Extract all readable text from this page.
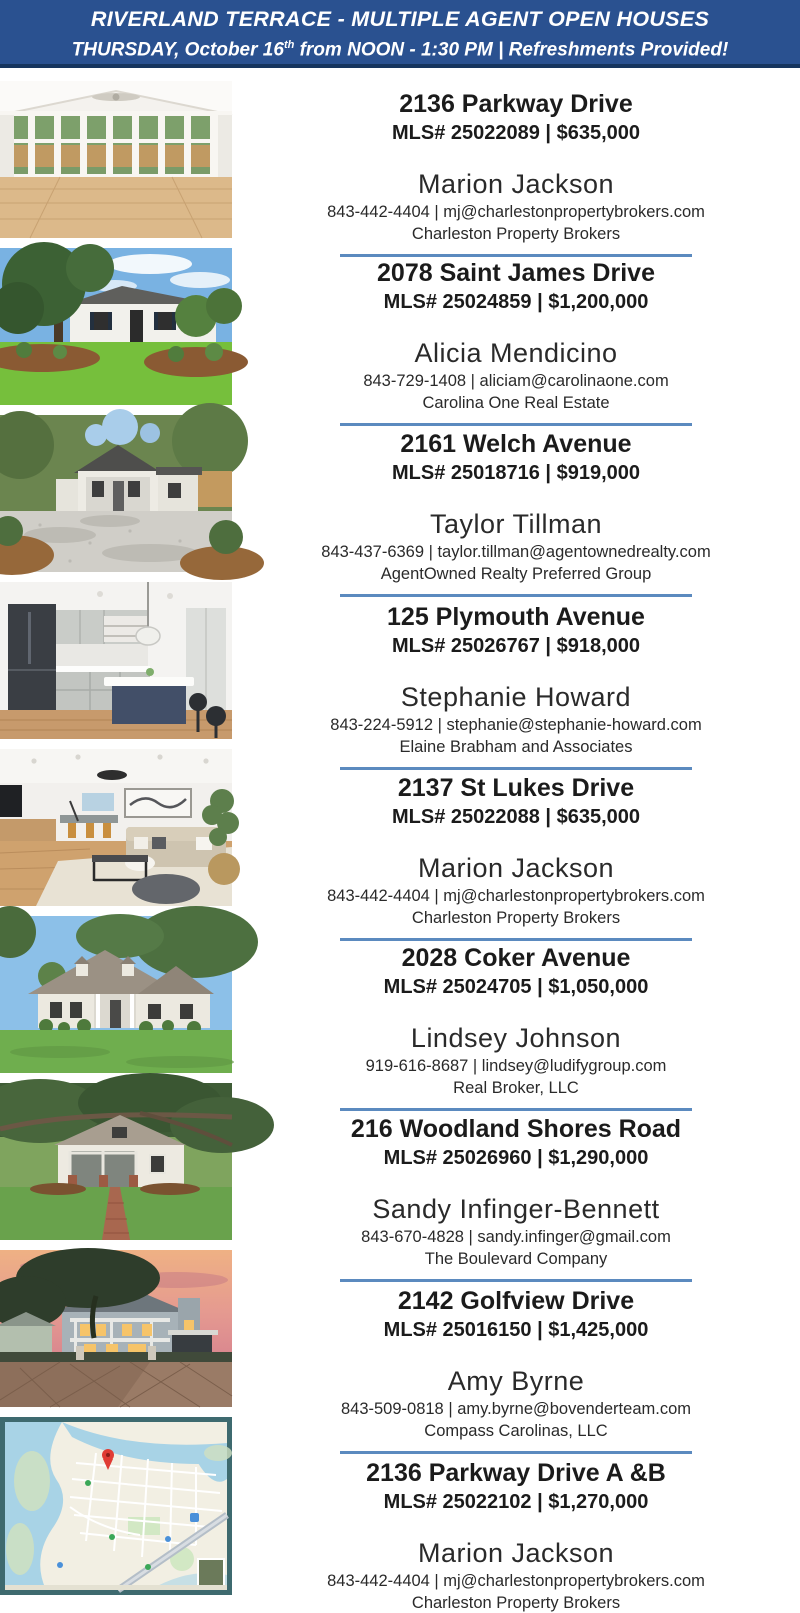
RIVERLAND TERRACE - MULTIPLE AGENT OPEN HOUSES
THURSDAY, October 16th from NOON - 1:30 PM | Refreshments Provided!
2136 Parkway Drive
MLS# 25022089 | $635,000
Marion Jackson
843-442-4404 | mj@charlestonpropertybrokers.com
Charleston Property Brokers
2078 Saint James Drive
MLS# 25024859 | $1,200,000
Alicia Mendicino
843-729-1408 | aliciam@carolinaone.com
Carolina One Real Estate
2161 Welch Avenue
MLS# 25018716 | $919,000
Taylor Tillman
843-437-6369 | taylor.tillman@agentownedrealty.com
AgentOwned Realty Preferred Group
125 Plymouth Avenue
MLS# 25026767 | $918,000
Stephanie Howard
843-224-5912 | stephanie@stephanie-howard.com
Elaine Brabham and Associates
2137 St Lukes Drive
MLS# 25022088 | $635,000
Marion Jackson
843-442-4404 | mj@charlestonpropertybrokers.com
Charleston Property Brokers
2028 Coker Avenue
MLS# 25024705 | $1,050,000
Lindsey Johnson
919-616-8687 | lindsey@ludifygroup.com
Real Broker, LLC
216 Woodland Shores Road
MLS# 25026960 | $1,290,000
Sandy Infinger-Bennett
843-670-4828 | sandy.infinger@gmail.com
The Boulevard Company
2142 Golfview Drive
MLS# 25016150 | $1,425,000
Amy Byrne
843-509-0818 | amy.byrne@bovenderteam.com
Compass Carolinas, LLC
2136 Parkway Drive A &B
MLS# 25022102 | $1,270,000
Marion Jackson
843-442-4404 | mj@charlestonpropertybrokers.com
Charleston Property Brokers
